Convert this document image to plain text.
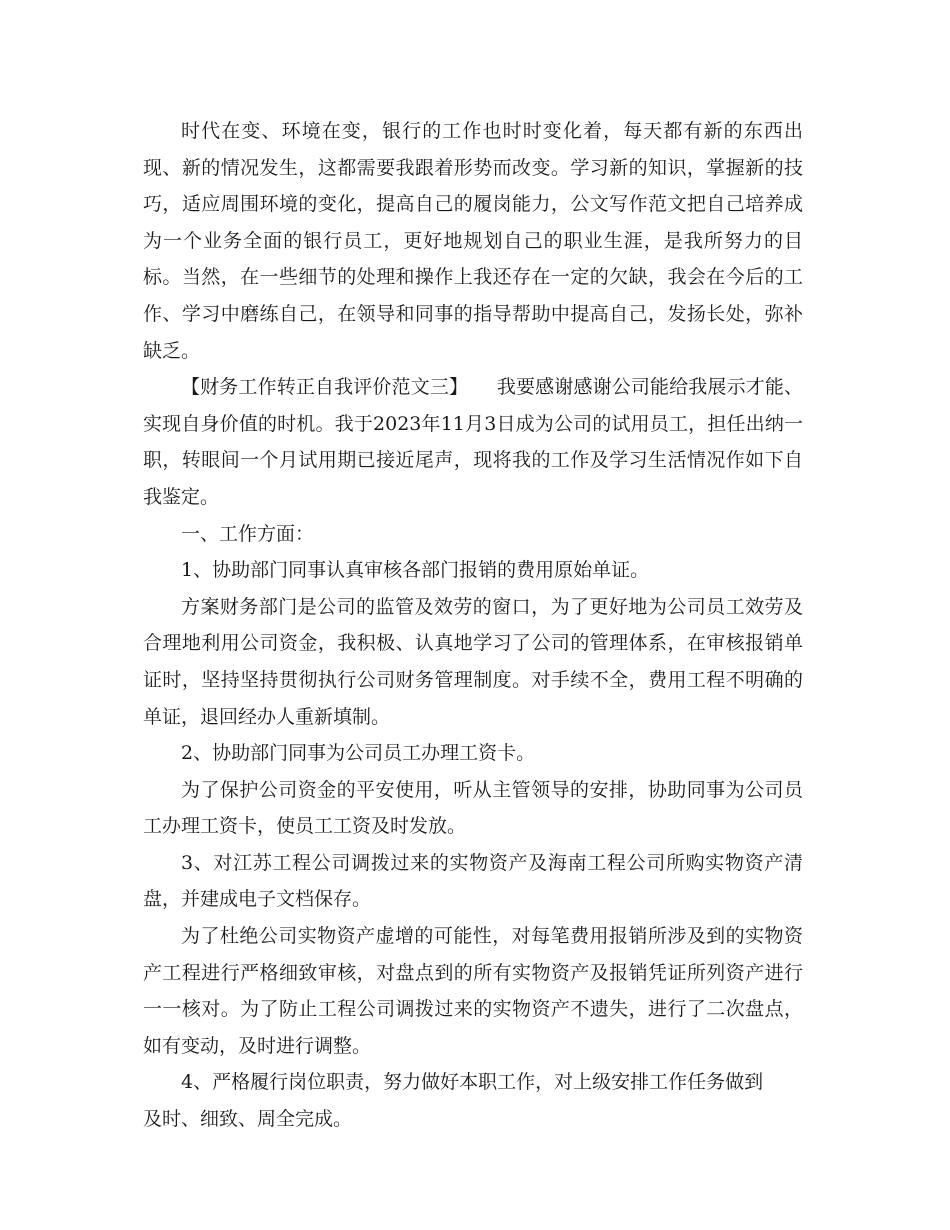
时代在变、环境在变，银行的工作也时时变化着，每天都有新的东西出现、新的情况发生，这都需要我跟着形势而改变。学习新的知识，掌握新的技巧，适应周围环境的变化，提高自己的履岗能力，公文写作范文把自己培养成为一个业务全面的银行员工，更好地规划自己的职业生涯，是我所努力的目标。当然，在一些细节的处理和操作上我还存在一定的欠缺，我会在今后的工作、学习中磨练自己，在领导和同事的指导帮助中提高自己，发扬长处，弥补缺乏。

【财务工作转正自我评价范文三】　　我要感谢感谢公司能给我展示才能、实现自身价值的时机。我于2023年11月3日成为公司的试用员工，担任出纳一职，转眼间一个月试用期已接近尾声，现将我的工作及学习生活情况作如下自我鉴定。

一、工作方面：

1、协助部门同事认真审核各部门报销的费用原始单证。

方案财务部门是公司的监管及效劳的窗口，为了更好地为公司员工效劳及合理地利用公司资金，我积极、认真地学习了公司的管理体系，在审核报销单证时，坚持坚持贯彻执行公司财务管理制度。对手续不全，费用工程不明确的单证，退回经办人重新填制。

2、协助部门同事为公司员工办理工资卡。

为了保护公司资金的平安使用，听从主管领导的安排，协助同事为公司员工办理工资卡，使员工工资及时发放。

3、对江苏工程公司调拨过来的实物资产及海南工程公司所购实物资产清盘，并建成电子文档保存。

为了杜绝公司实物资产虚增的可能性，对每笔费用报销所涉及到的实物资产工程进行严格细致审核，对盘点到的所有实物资产及报销凭证所列资产进行一一核对。为了防止工程公司调拨过来的实物资产不遗失，进行了二次盘点，如有变动，及时进行调整。

4、严格履行岗位职责，努力做好本职工作，对上级安排工作任务做到

及时、细致、周全完成。
